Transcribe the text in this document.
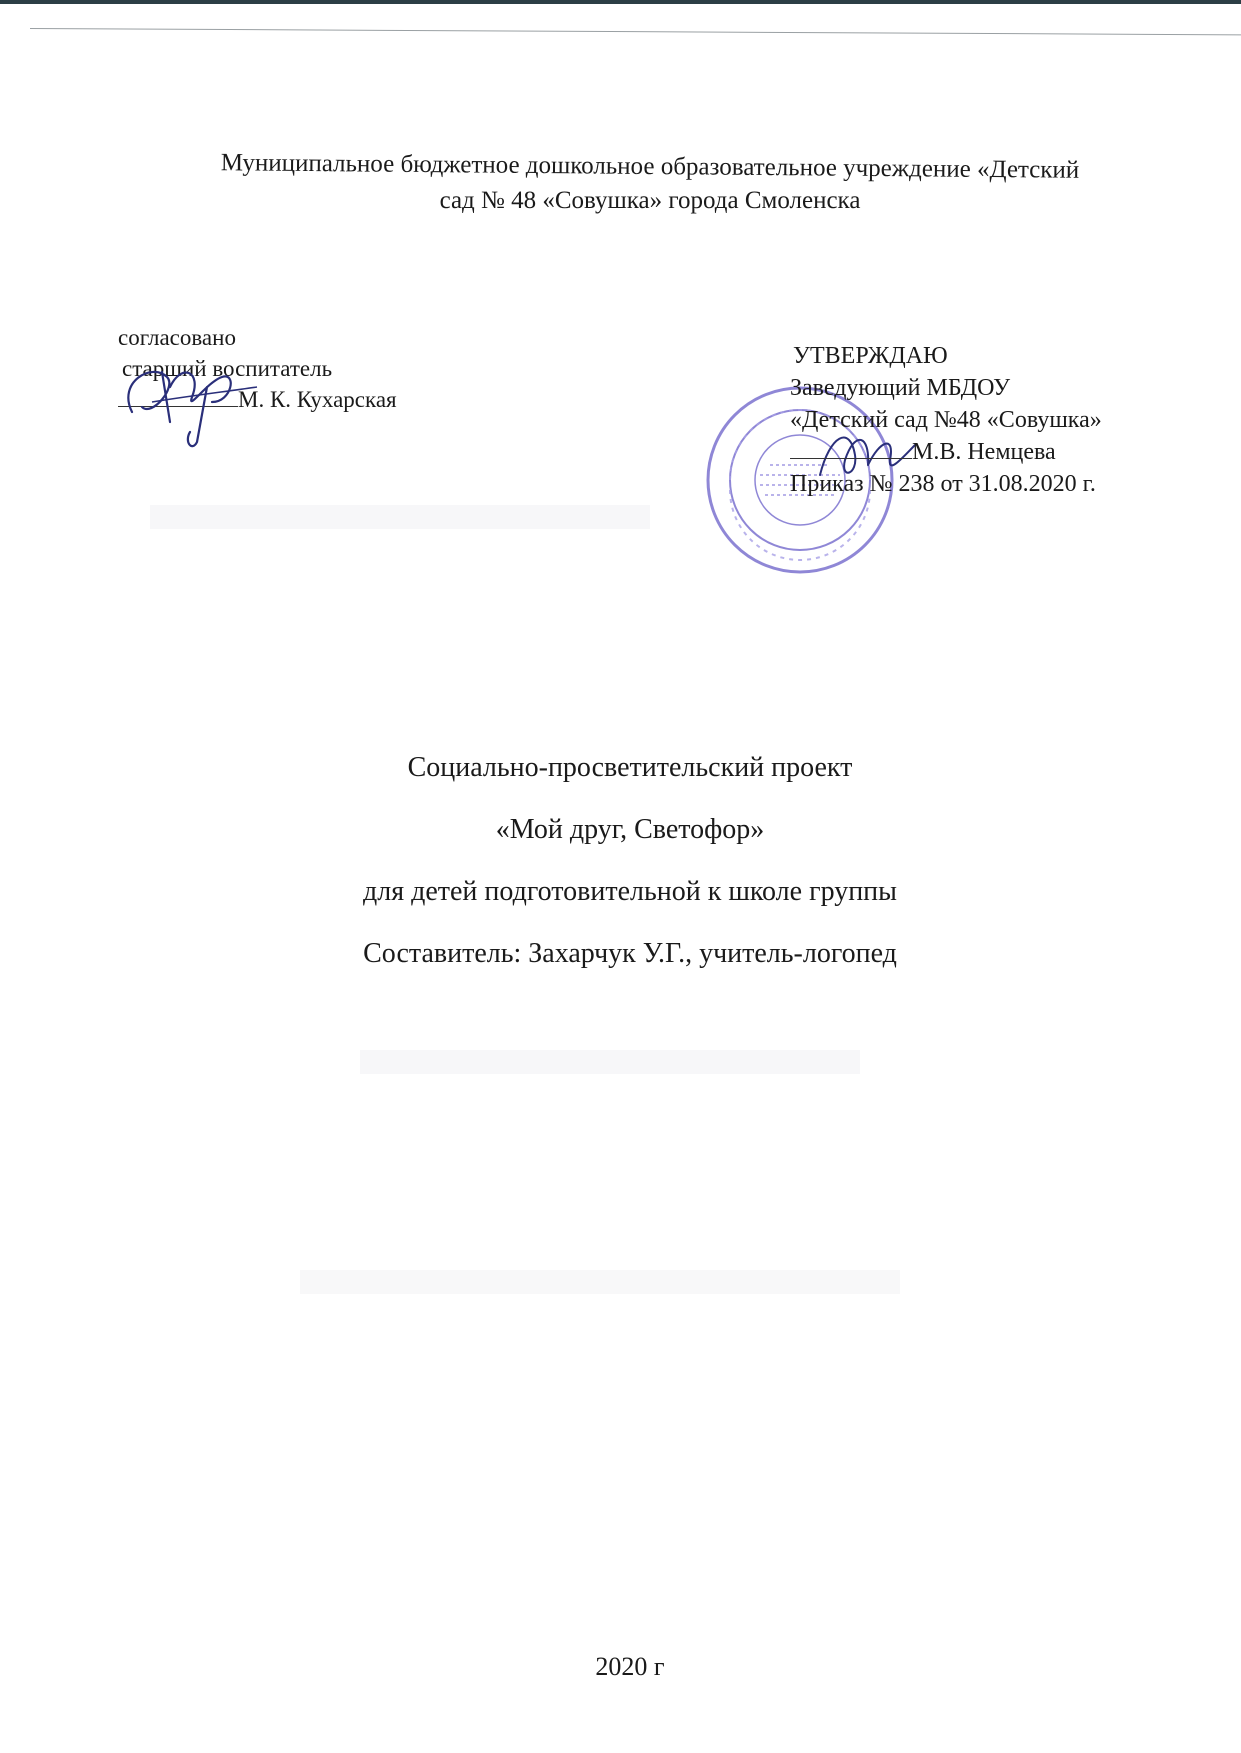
Муниципальное бюджетное дошкольное образовательное учреждение «Детский
сад № 48 «Совушка» города Смоленска
согласовано
старший воспитатель
М. К. Кухарская
УТВЕРЖДАЮ
Заведующий МБДОУ
«Детский сад №48 «Совушка»
М.В. Немцева
Приказ № 238 от 31.08.2020 г.
Социально-просветительский проект
«Мой друг, Светофор»
для детей подготовительной к школе группы
Составитель: Захарчук У.Г., учитель-логопед
2020 г
